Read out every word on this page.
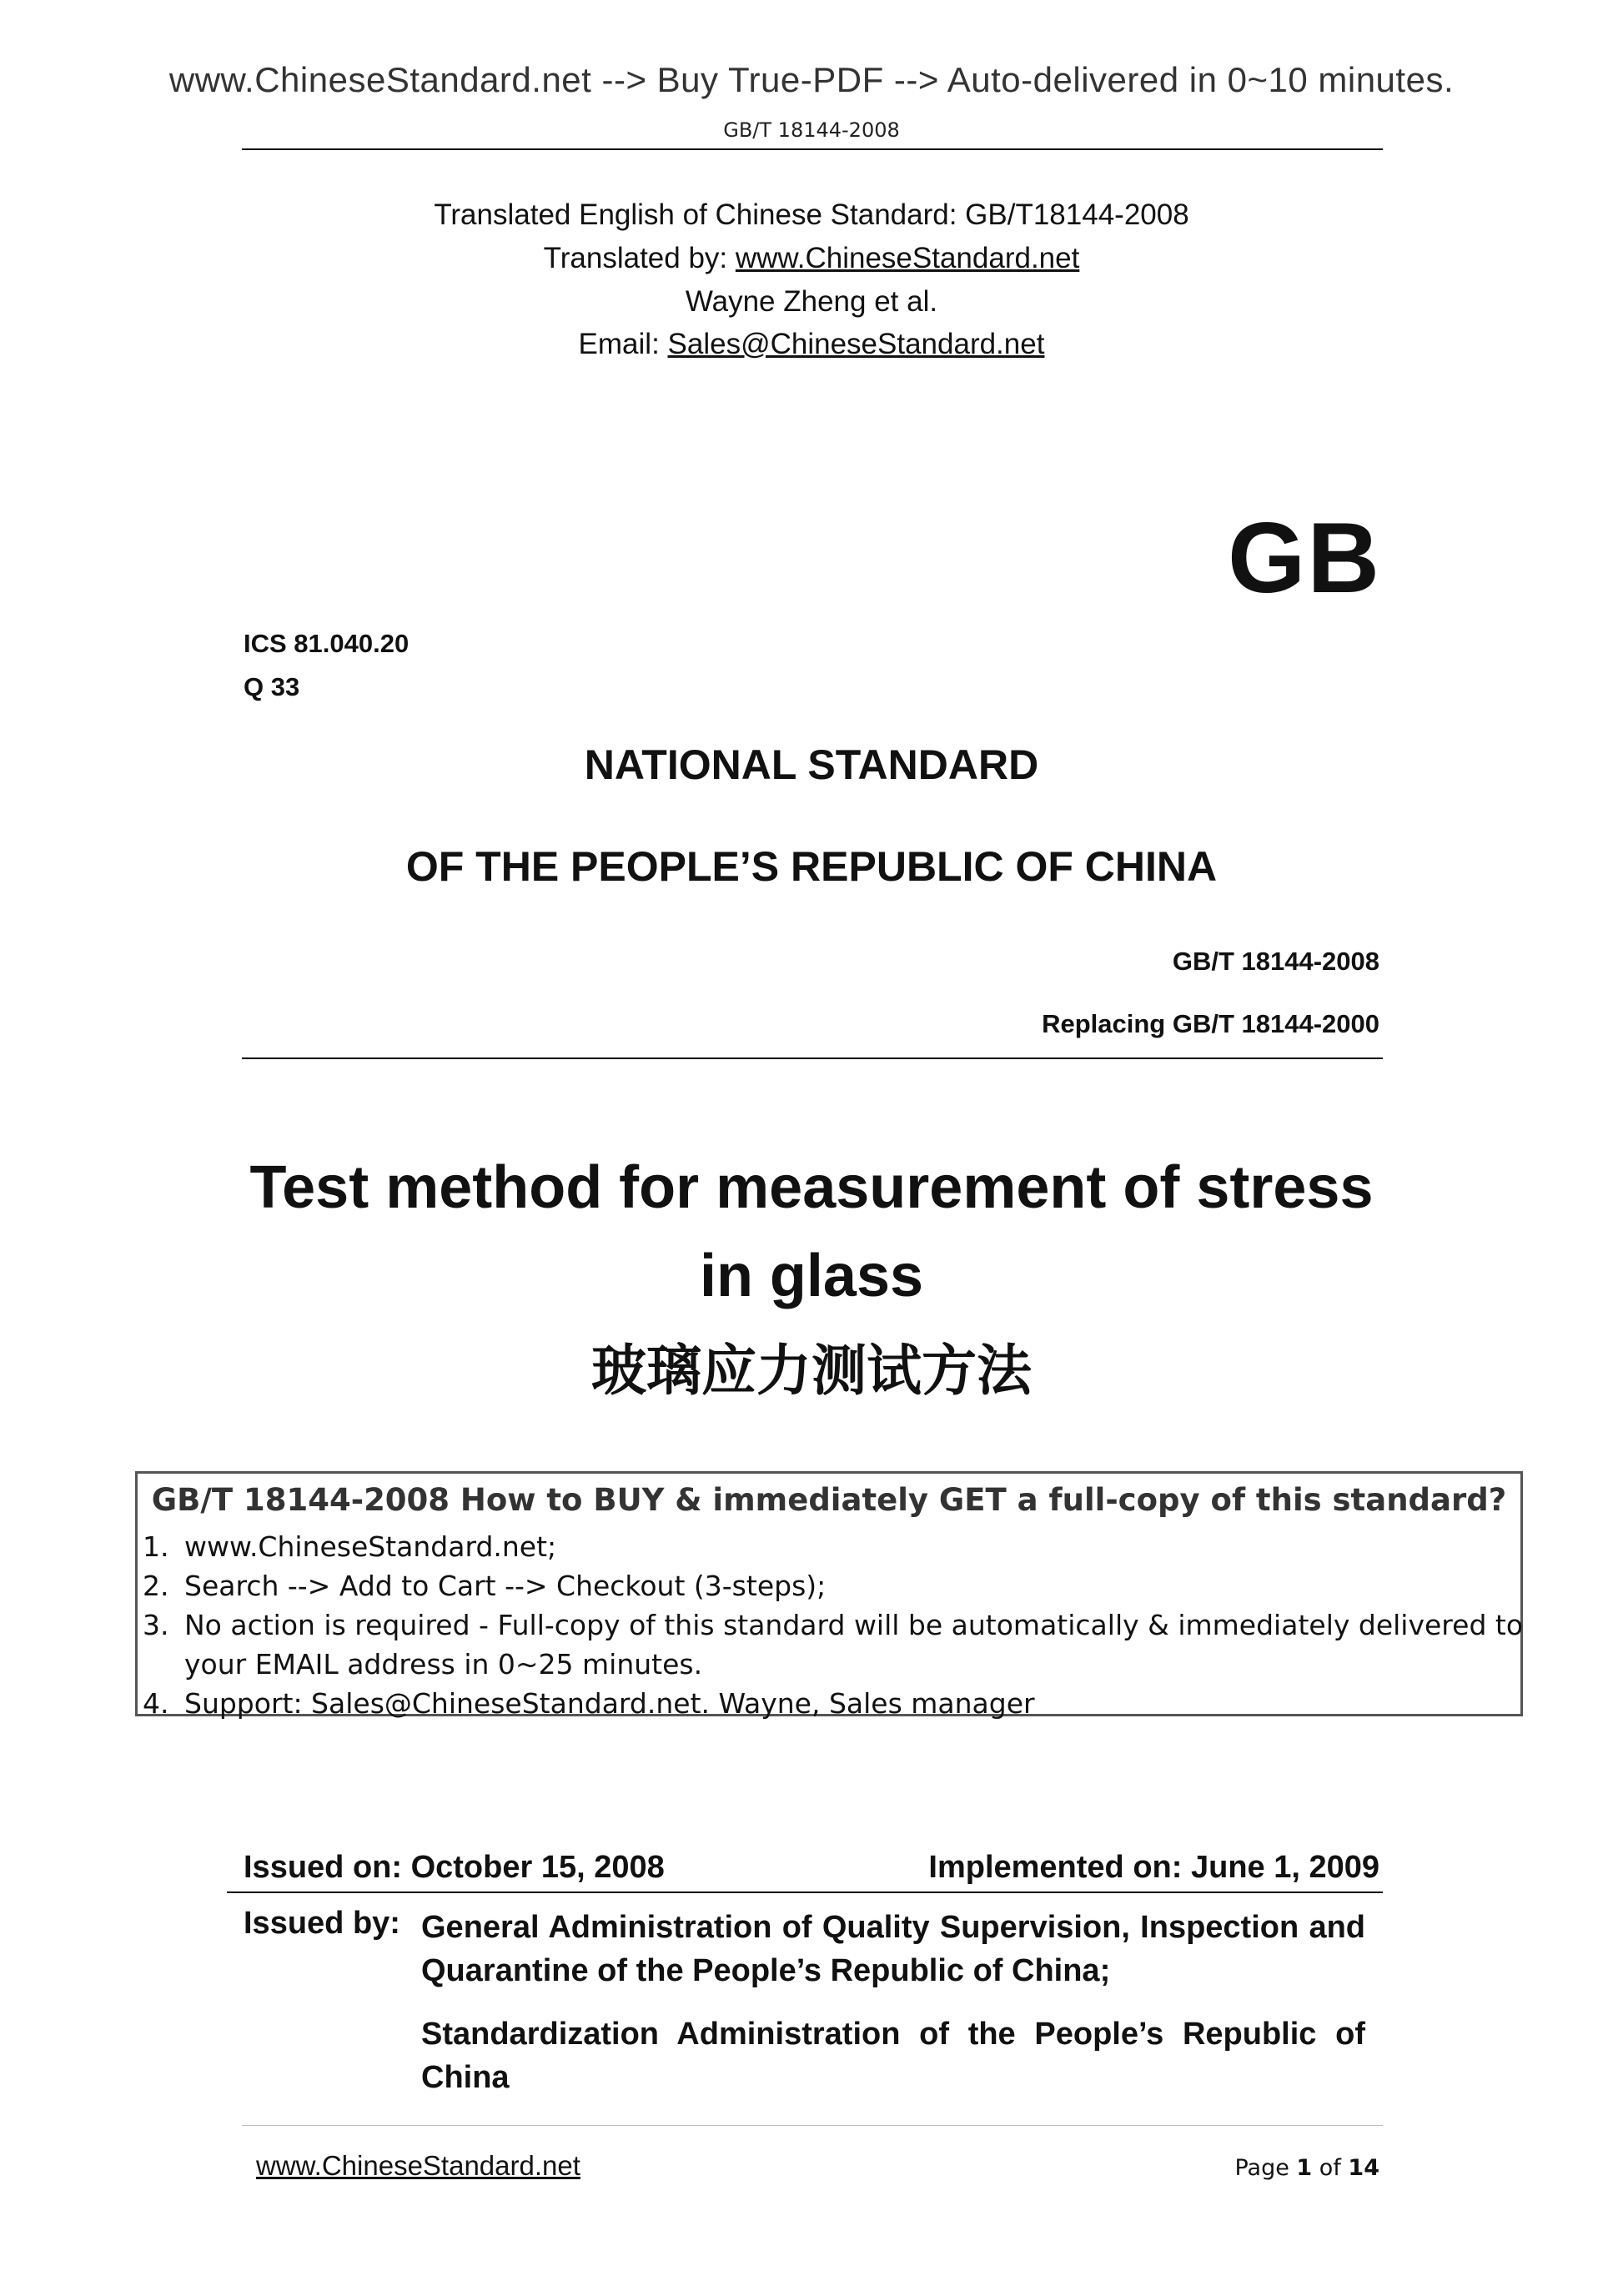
www.ChineseStandard.net --> Buy True-PDF --> Auto-delivered in 0~10 minutes.
GB/T 18144-2008
Translated English of Chinese Standard: GB/T18144-2008
Translated by: www.ChineseStandard.net
Wayne Zheng et al.
Email: Sales@ChineseStandard.net
GB
ICS 81.040.20
Q 33
NATIONAL STANDARD
OF THE PEOPLE’S REPUBLIC OF CHINA
GB/T 18144-2008
Replacing GB/T 18144-2000
Test method for measurement of stress
in glass
玻璃应力测试方法
GB/T 18144-2008 How to BUY & immediately GET a full-copy of this standard?
1. www.ChineseStandard.net;
2. Search --> Add to Cart --> Checkout (3-steps);
3. No action is required - Full-copy of this standard will be automatically & immediately delivered to
your EMAIL address in 0~25 minutes.
4. Support: Sales@ChineseStandard.net. Wayne, Sales manager
Issued on: October 15, 2008	Implemented on: June 1, 2009
Issued by: General Administration of Quality Supervision, Inspection and Quarantine of the People’s Republic of China;
Standardization Administration of the People’s Republic of China
www.ChineseStandard.net	Page 1 of 14
